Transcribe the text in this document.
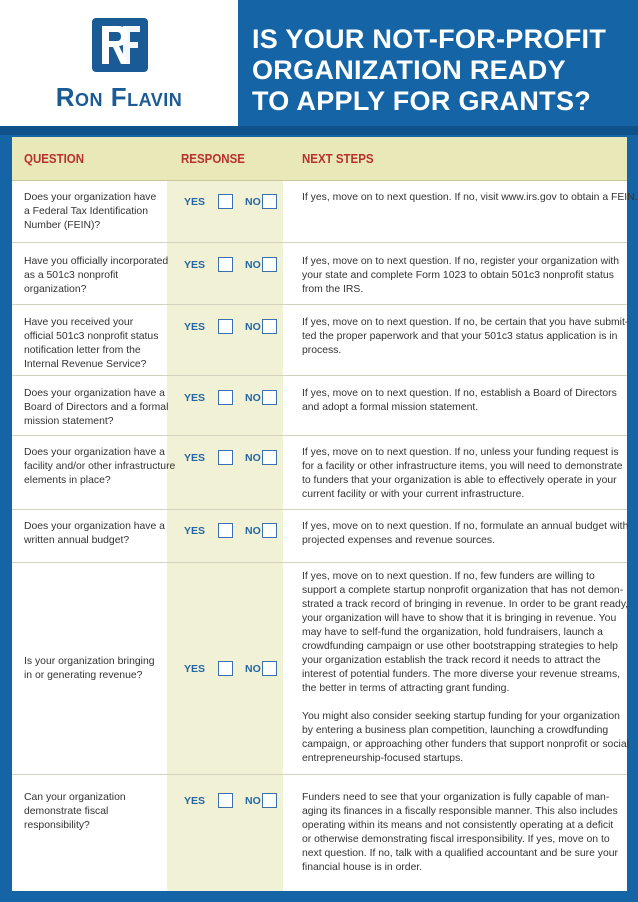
Ron Flavin
IS YOUR NOT-FOR-PROFIT
ORGANIZATION READY
TO APPLY FOR GRANTS?
QUESTION	RESPONSE	NEXT STEPS
Does your organization have
a Federal Tax Identification
Number (FEIN)?
YES	NO	If yes, move on to next question. If no, visit www.irs.gov to obtain a FEIN.

Have you officially incorporated
as a 501c3 nonprofit
organization?
YES	NO	If yes, move on to next question. If no, register your organization with
your state and complete Form 1023 to obtain 501c3 nonprofit status
from the IRS.

Have you received your
official 501c3 nonprofit status
notification letter from the
Internal Revenue Service?
YES	NO	If yes, move on to next question. If no, be certain that you have submit-
ted the proper paperwork and that your 501c3 status application is in
process.

Does your organization have a
Board of Directors and a formal
mission statement?
YES	NO	If yes, move on to next question. If no, establish a Board of Directors
and adopt a formal mission statement.

Does your organization have a
facility and/or other infrastructure
elements in place?
YES	NO	If yes, move on to next question. If no, unless your funding request is
for a facility or other infrastructure items, you will need to demonstrate
to funders that your organization is able to effectively operate in your
current facility or with your current infrastructure.

Does your organization have a
written annual budget?
YES	NO	If yes, move on to next question. If no, formulate an annual budget with
projected expenses and revenue sources.

Is your organization bringing
in or generating revenue?
YES	NO

If yes, move on to next question. If no, few funders are willing to
support a complete startup nonprofit organization that has not demon-
strated a track record of bringing in revenue. In order to be grant ready,
your organization will have to show that it is bringing in revenue. You
may have to self-fund the organization, hold fundraisers, launch a
crowdfunding campaign or use other bootstrapping strategies to help
your organization establish the track record it needs to attract the
interest of potential funders. The more diverse your revenue streams,
the better in terms of attracting grant funding.

You might also consider seeking startup funding for your organization
by entering a business plan competition, launching a crowdfunding
campaign, or approaching other funders that support nonprofit or social
entrepreneurship-focused startups.

Can your organization
demonstrate fiscal
responsibility?
YES	NO	Funders need to see that your organization is fully capable of man-
aging its finances in a fiscally responsible manner. This also includes
operating within its means and not consistently operating at a deficit
or otherwise demonstrating fiscal irresponsibility. If yes, move on to
next question. If no, talk with a qualified accountant and be sure your
financial house is in order.
